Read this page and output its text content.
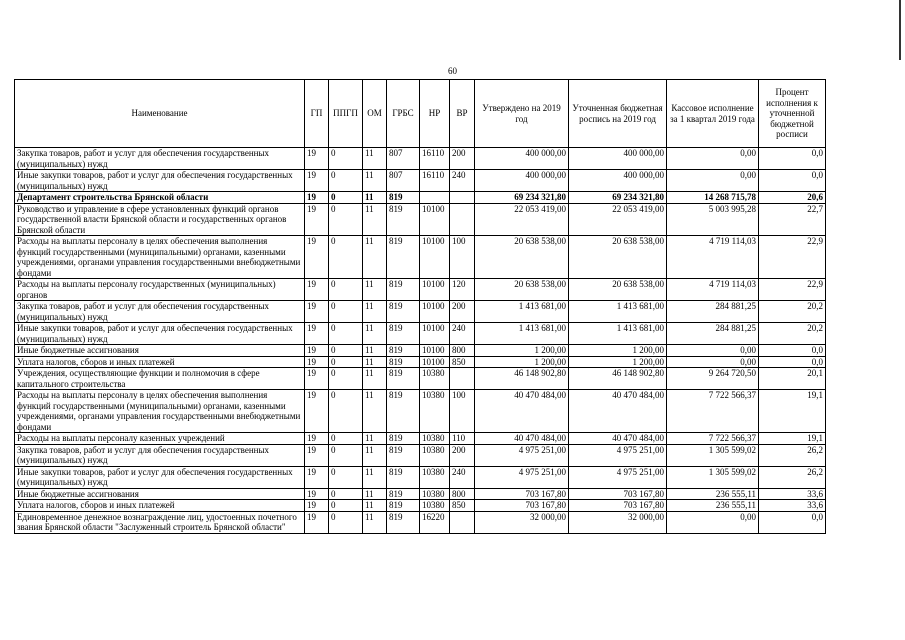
60
Наименование	ГП	ППГП	ОМ	ГРБС	НР	ВР	Утверждено на 2019 год	Уточненная бюджетная роспись на 2019 год	Кассовое исполнение за 1 квартал 2019 года	Процент исполнения к уточненной бюджетной росписи
Закупка товаров, работ и услуг для обеспечения государственных (муниципальных) нужд	19	0	11	807	16110	200	400 000,00	400 000,00	0,00	0,0
Иные закупки товаров, работ и услуг для обеспечения государственных (муниципальных) нужд	19	0	11	807	16110	240	400 000,00	400 000,00	0,00	0,0
Департамент строительства Брянской области	19	0	11	819			69 234 321,80	69 234 321,80	14 268 715,78	20,6
Руководство и управление в сфере установленных функций органов государственной власти Брянской области и государственных органов Брянской области	19	0	11	819	10100		22 053 419,00	22 053 419,00	5 003 995,28	22,7
Расходы на выплаты персоналу в целях обеспечения выполнения функций государственными (муниципальными) органами, казенными учреждениями, органами управления государственными внебюджетными фондами	19	0	11	819	10100	100	20 638 538,00	20 638 538,00	4 719 114,03	22,9
Расходы на выплаты персоналу государственных (муниципальных) органов	19	0	11	819	10100	120	20 638 538,00	20 638 538,00	4 719 114,03	22,9
Закупка товаров, работ и услуг для обеспечения государственных (муниципальных) нужд	19	0	11	819	10100	200	1 413 681,00	1 413 681,00	284 881,25	20,2
Иные закупки товаров, работ и услуг для обеспечения государственных (муниципальных) нужд	19	0	11	819	10100	240	1 413 681,00	1 413 681,00	284 881,25	20,2
Иные бюджетные ассигнования	19	0	11	819	10100	800	1 200,00	1 200,00	0,00	0,0
Уплата налогов, сборов и иных платежей	19	0	11	819	10100	850	1 200,00	1 200,00	0,00	0,0
Учреждения, осуществляющие функции и полномочия в сфере капитального строительства	19	0	11	819	10380		46 148 902,80	46 148 902,80	9 264 720,50	20,1
Расходы на выплаты персоналу в целях обеспечения выполнения функций государственными (муниципальными) органами, казенными учреждениями, органами управления государственными внебюджетными фондами	19	0	11	819	10380	100	40 470 484,00	40 470 484,00	7 722 566,37	19,1
Расходы на выплаты персоналу казенных учреждений	19	0	11	819	10380	110	40 470 484,00	40 470 484,00	7 722 566,37	19,1
Закупка товаров, работ и услуг для обеспечения государственных (муниципальных) нужд	19	0	11	819	10380	200	4 975 251,00	4 975 251,00	1 305 599,02	26,2
Иные закупки товаров, работ и услуг для обеспечения государственных (муниципальных) нужд	19	0	11	819	10380	240	4 975 251,00	4 975 251,00	1 305 599,02	26,2
Иные бюджетные ассигнования	19	0	11	819	10380	800	703 167,80	703 167,80	236 555,11	33,6
Уплата налогов, сборов и иных платежей	19	0	11	819	10380	850	703 167,80	703 167,80	236 555,11	33,6
Единовременное денежное вознаграждение лиц, удостоенных почетного звания Брянской области "Заслуженный строитель Брянской области"	19	0	11	819	16220		32 000,00	32 000,00	0,00	0,0
